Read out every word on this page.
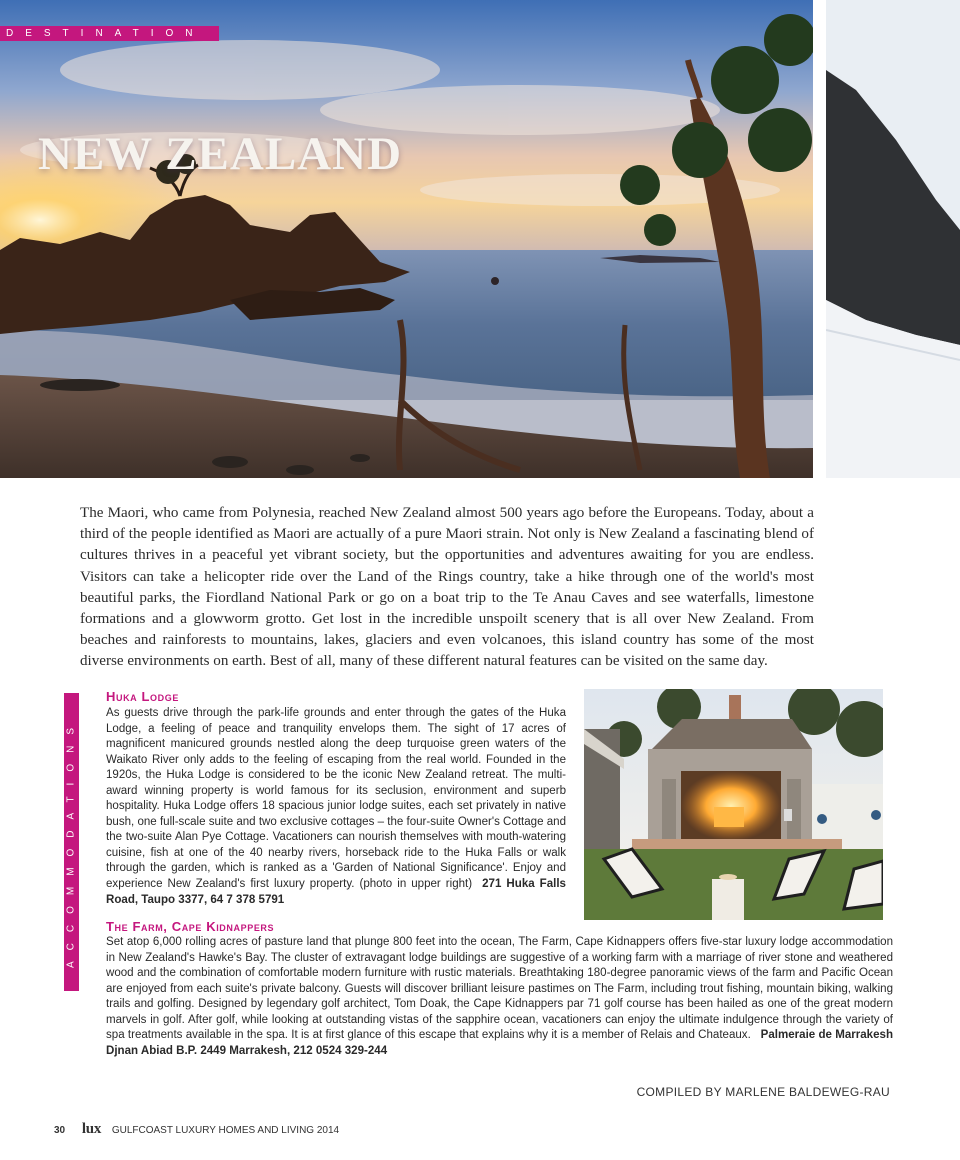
DESTINATION
NEW ZEALAND

The Maori, who came from Polynesia, reached New Zealand almost 500 years ago before the Europeans. Today, about a third of the people identified as Maori are actually of a pure Maori strain. Not only is New Zealand a fascinating blend of cultures thrives in a peaceful yet vibrant society, but the opportunities and adventures awaiting for you are endless. Visitors can take a helicopter ride over the Land of the Rings country, take a hike through one of the world's most beautiful parks, the Fiordland National Park or go on a boat trip to the Te Anau Caves and see waterfalls, limestone formations and a glowworm grotto. Get lost in the incredible unspoilt scenery that is all over New Zealand. From beaches and rainforests to mountains, lakes, glaciers and even volcanoes, this island country has some of the most diverse environments on earth. Best of all, many of these different natural features can be visited on the same day.

ACCOMMODATIONS
Huka Lodge

As guests drive through the park-life grounds and enter through the gates of the Huka Lodge, a feeling of peace and tranquility envelops them. The sight of 17 acres of magnificent manicured grounds nestled along the deep turquoise green waters of the Waikato River only adds to the feeling of escaping from the real world. Founded in the 1920s, the Huka Lodge is considered to be the iconic New Zealand retreat. The multi-award winning property is world famous for its seclusion, environment and superb hospitality. Huka Lodge offers 18 spacious junior lodge suites, each set privately in native bush, one full-scale suite and two exclusive cottages – the four-suite Owner's Cottage and the two-suite Alan Pye Cottage. Vacationers can nourish themselves with mouth-watering cuisine, fish at one of the 40 nearby rivers, horseback ride to the Huka Falls or walk through the garden, which is ranked as a 'Garden of National Significance'. Enjoy and experience New Zealand's first luxury property. (photo in upper right) 271 Huka Falls Road, Taupo 3377, 64 7 378 5791

The Farm, Cape Kidnappers

Set atop 6,000 rolling acres of pasture land that plunge 800 feet into the ocean, The Farm, Cape Kidnappers offers five-star luxury lodge accommodation in New Zealand's Hawke's Bay. The cluster of extravagant lodge buildings are suggestive of a working farm with a marriage of river stone and weathered wood and the combination of comfortable modern furniture with rustic materials. Breathtaking 180-degree panoramic views of the farm and Pacific Ocean are enjoyed from each suite's private balcony. Guests will discover brilliant leisure pastimes on The Farm, including trout fishing, mountain biking, walking trails and golfing. Designed by legendary golf architect, Tom Doak, the Cape Kidnappers par 71 golf course has been hailed as one of the great modern marvels in golf. After golf, while looking at outstanding vistas of the sapphire ocean, vacationers can enjoy the ultimate indulgence through the variety of spa treatments available in the spa. It is at first glance of this escape that explains why it is a member of Relais and Chateaux. Palmeraie de Marrakesh Djnan Abiad B.P. 2449 Marrakesh, 212 0524 329-244

COMPILED BY MARLENE BALDEWEG-RAU
30 lux GULFCOAST LUXURY HOMES AND LIVING 2014
